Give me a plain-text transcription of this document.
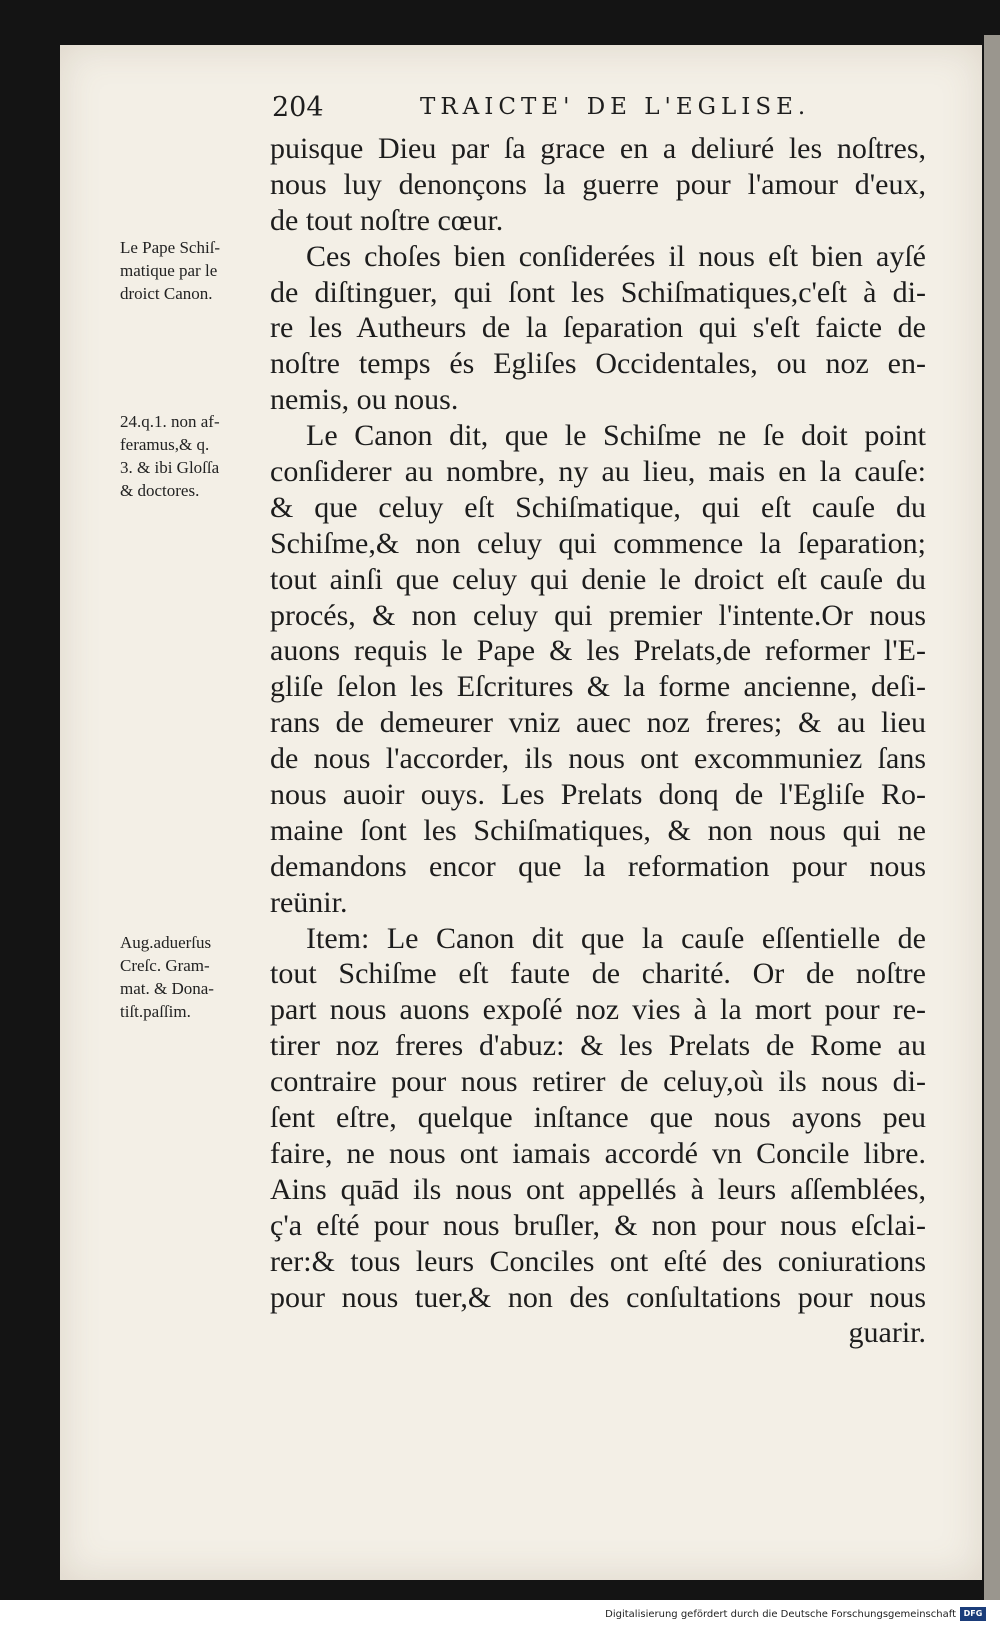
204	TRAICTE' DE L'EGLISE.
Le Pape Schiſ-
matique par le
droict Canon.
24.q.1. non af-
feramus,& q.
3. & ibi Gloſſa
& doctores.
Aug.aduerſus
Creſc. Gram-
mat. & Dona-
tiſt.paſſim.
puisque Dieu par ſa grace en a deliuré les noſtres,
nous luy denonçons la guerre pour l'amour d'eux,
de tout noſtre cœur.
Ces choſes bien conſiderées il nous eſt bien ayſé
de diſtinguer, qui ſont les Schiſmatiques,c'eſt à di-
re les Autheurs de la ſeparation qui s'eſt faicte de
noſtre temps és Egliſes Occidentales, ou noz en-
nemis, ou nous.
Le Canon dit, que le Schiſme ne ſe doit point
conſiderer au nombre, ny au lieu, mais en la cauſe:
& que celuy eſt Schiſmatique, qui eſt cauſe du
Schiſme,& non celuy qui commence la ſeparation;
tout ainſi que celuy qui denie le droict eſt cauſe du
procés, & non celuy qui premier l'intente.Or nous
auons requis le Pape & les Prelats,de reformer l'E-
gliſe ſelon les Eſcritures & la forme ancienne, deſi-
rans de demeurer vniz auec noz freres; & au lieu
de nous l'accorder, ils nous ont excommuniez ſans
nous auoir ouys. Les Prelats donq de l'Egliſe Ro-
maine ſont les Schiſmatiques, & non nous qui ne
demandons encor que la reformation pour nous
reünir.
Item: Le Canon dit que la cauſe eſſentielle de
tout Schiſme eſt faute de charité. Or de noſtre
part nous auons expoſé noz vies à la mort pour re-
tirer noz freres d'abuz: & les Prelats de Rome au
contraire pour nous retirer de celuy,où ils nous di-
ſent eſtre, quelque inſtance que nous ayons peu
faire, ne nous ont iamais accordé vn Concile libre.
Ains quād ils nous ont appellés à leurs aſſemblées,
ç'a eſté pour nous bruſler, & non pour nous eſclai-
rer:& tous leurs Conciles ont eſté des coniurations
pour nous tuer,& non des conſultations pour nous
guarir.
Digitalisierung gefördert durch die Deutsche Forschungsgemeinschaft DFG
